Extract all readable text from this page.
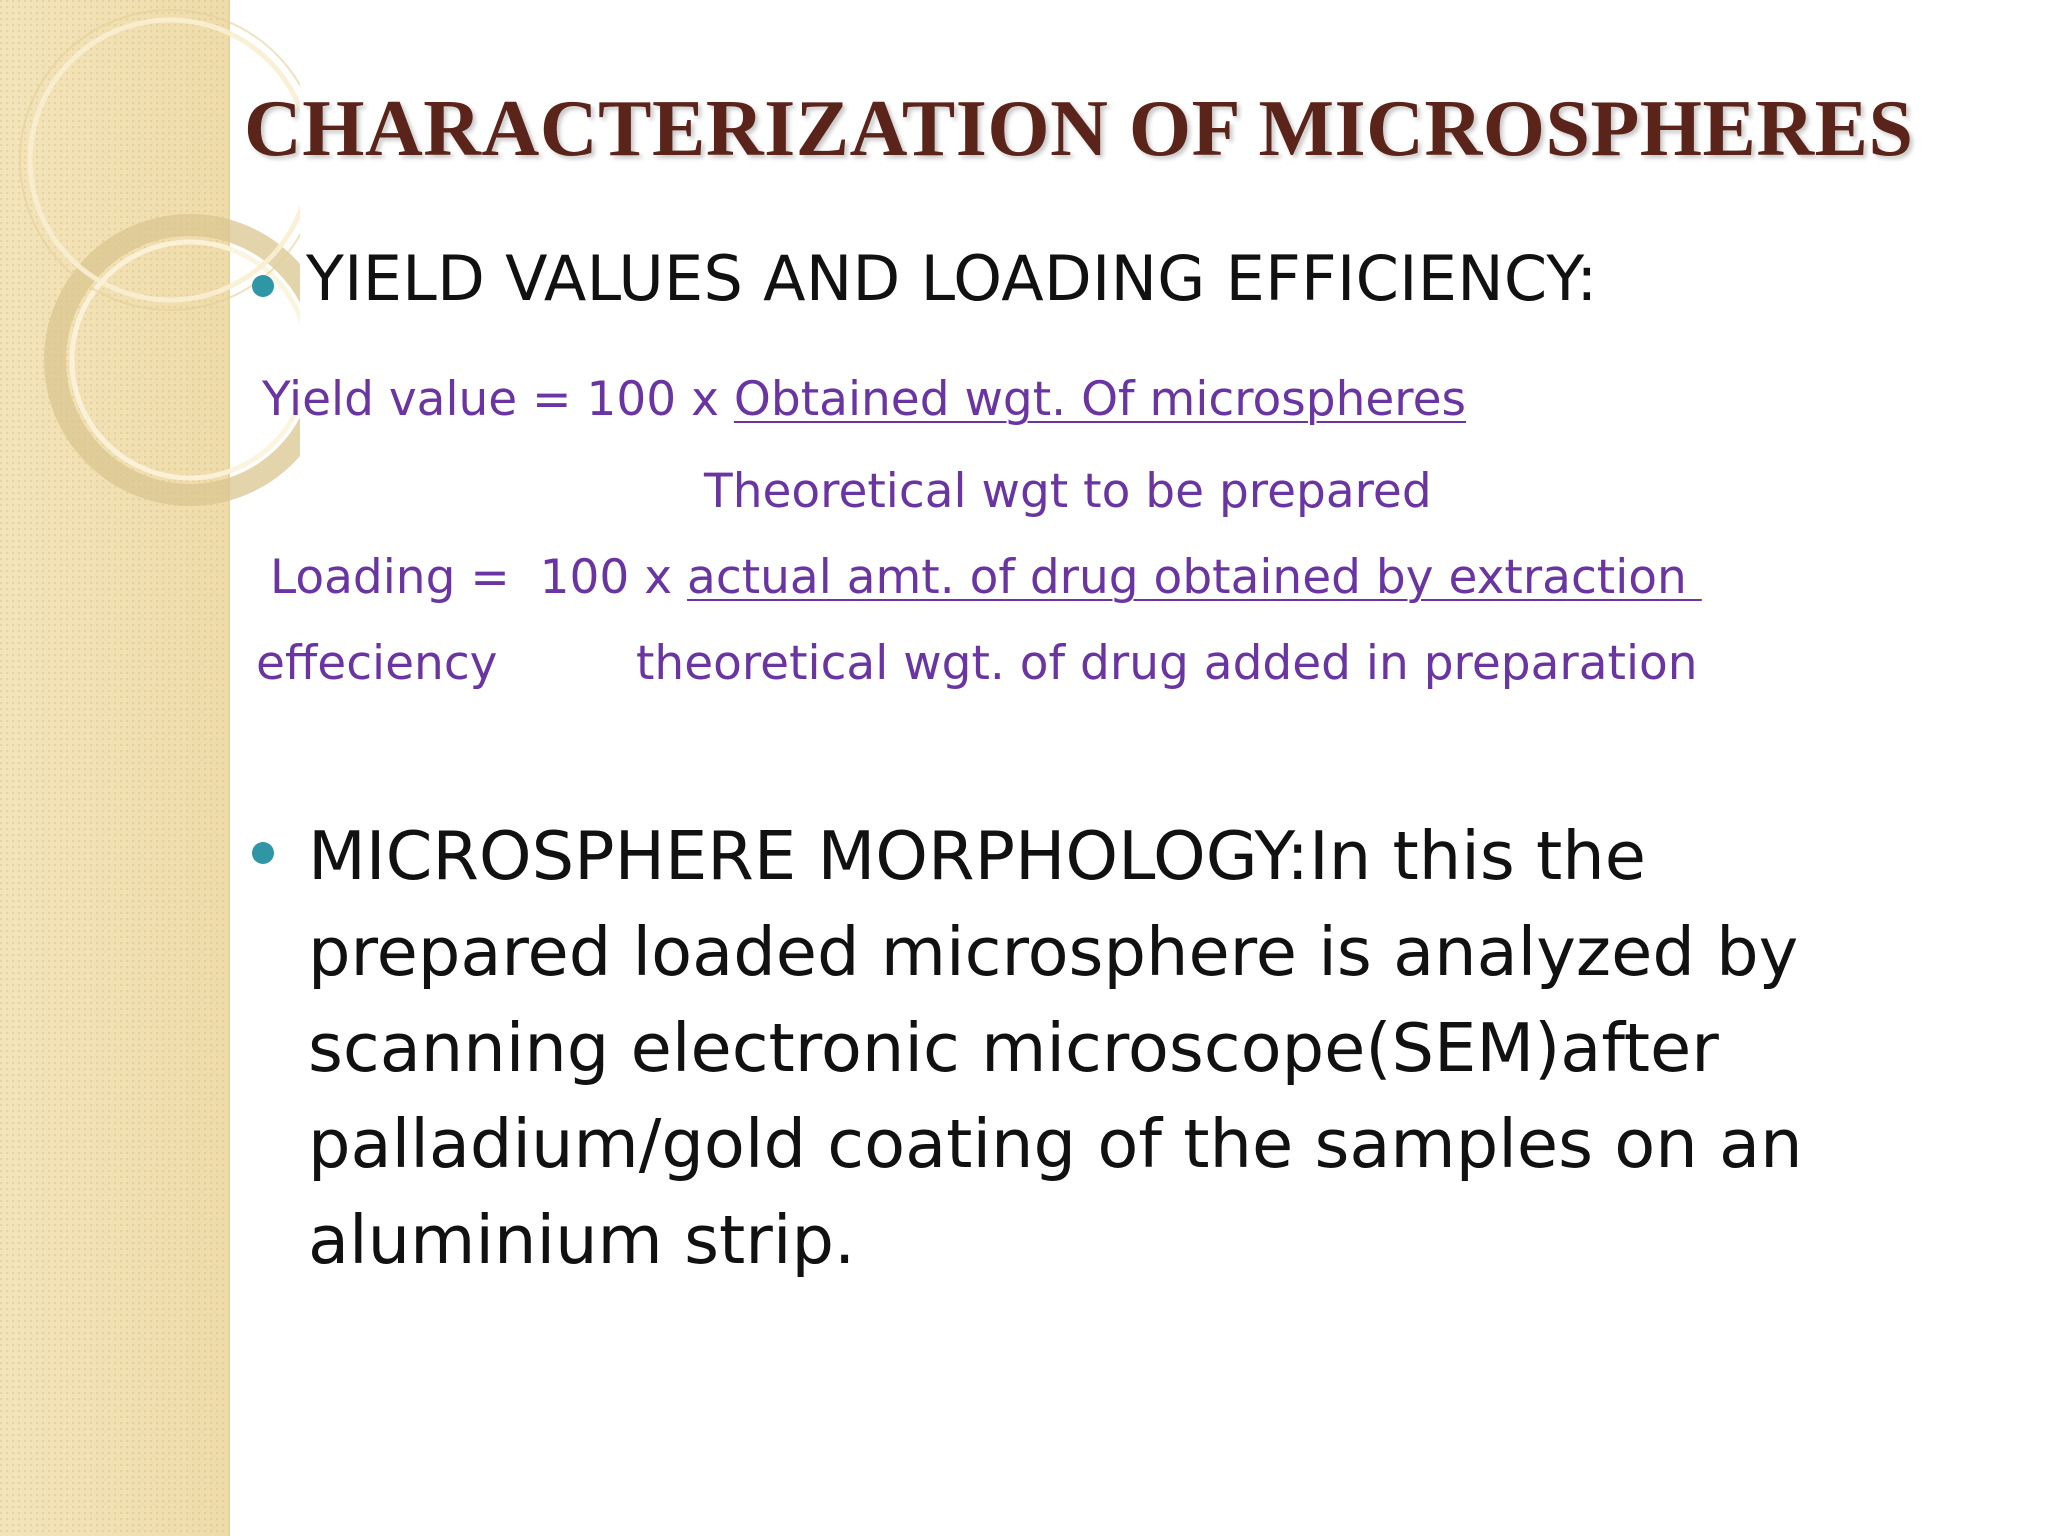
CHARACTERIZATION OF MICROSPHERES
YIELD VALUES AND LOADING EFFICIENCY:
Yield value = 100 x Obtained wgt. Of microspheres
Theoretical wgt to be prepared
Loading =  100 x actual amt. of drug obtained by extraction
effeciency	theoretical wgt. of drug added in preparation
MICROSPHERE MORPHOLOGY:In this the prepared loaded microsphere is analyzed by scanning electronic microscope(SEM)after palladium/gold coating of the samples on an aluminium strip.
